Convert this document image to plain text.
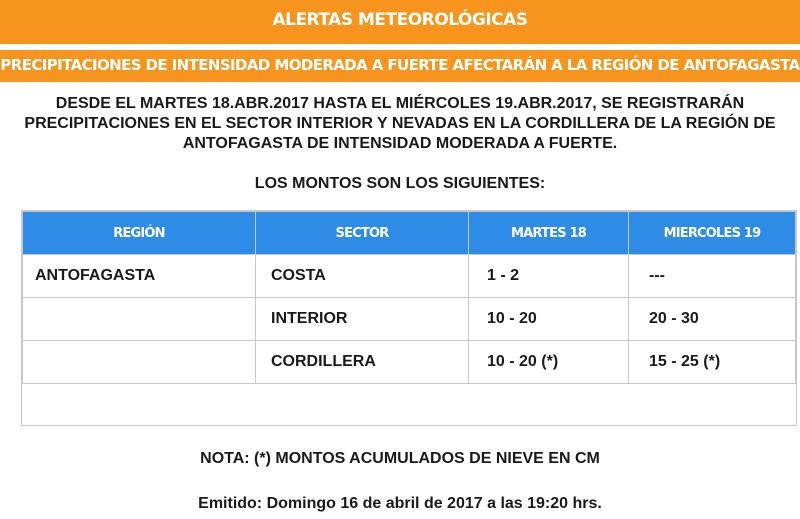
ALERTAS METEOROLÓGICAS
PRECIPITACIONES DE INTENSIDAD MODERADA A FUERTE AFECTARÁN A LA REGIÓN DE ANTOFAGASTA
DESDE EL MARTES 18.ABR.2017 HASTA EL MIÉRCOLES 19.ABR.2017, SE REGISTRARÁN PRECIPITACIONES EN EL SECTOR INTERIOR Y NEVADAS EN LA CORDILLERA DE LA REGIÓN DE ANTOFAGASTA DE INTENSIDAD MODERADA A FUERTE.
LOS MONTOS SON LOS SIGUIENTES:
REGIÓN	SECTOR	MARTES 18	MIERCOLES 19
ANTOFAGASTA	COSTA	1 - 2	---
	INTERIOR	10 - 20	20 - 30
	CORDILLERA	10 - 20 (*)	15 - 25 (*)
NOTA: (*) MONTOS ACUMULADOS DE NIEVE EN CM
Emitido: Domingo 16 de abril de 2017 a las 19:20 hrs.
